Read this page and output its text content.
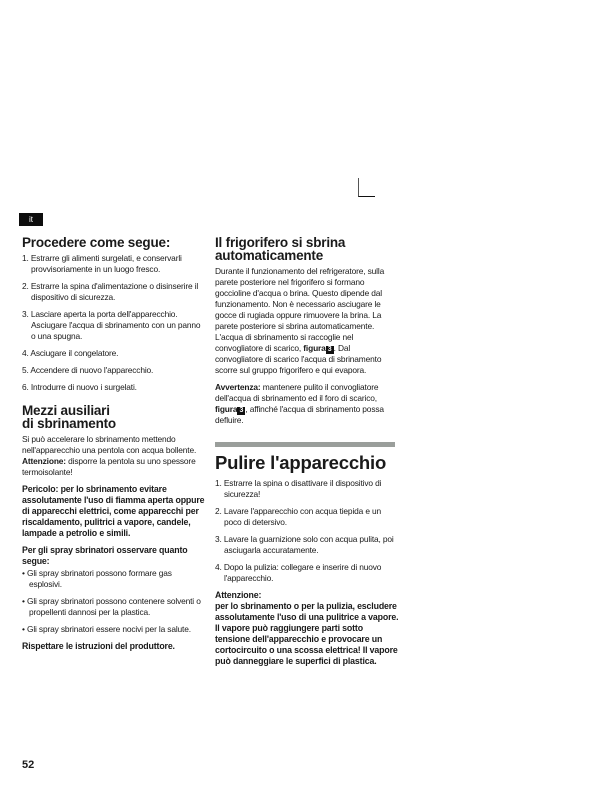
it
Procedere come segue:
1. Estrarre gli alimenti surgelati, e conservarli provvisoriamente in un luogo fresco.
2. Estrarre la spina d'alimentazione o disinserire il dispositivo di sicurezza.
3. Lasciare aperta la porta dell'apparecchio. Asciugare l'acqua di sbrinamento con un panno o una spugna.
4. Asciugare il congelatore.
5. Accendere di nuovo l'apparecchio.
6. Introdurre di nuovo i surgelati.
Mezzi ausiliari
di sbrinamento

Si può accelerare lo sbrinamento mettendo nell'apparecchio una pentola con acqua bollente. Attenzione: disporre la pentola su uno spessore termoisolante!

Pericolo: per lo sbrinamento evitare assolutamente l'uso di fiamma aperta oppure di apparecchi elettrici, come apparecchi per riscaldamento, pulitrici a vapore, candele, lampade a petrolio e simili.

Per gli spray sbrinatori osservare quanto segue:

• Gli spray sbrinatori possono formare gas esplosivi.
• Gli spray sbrinatori possono contenere solventi o propellenti dannosi per la plastica.
• Gli spray sbrinatori essere nocivi per la salute.

Rispettare le istruzioni del produttore.

Il frigorifero si sbrina
automaticamente

Durante il funzionamento del refrigeratore, sulla parete posteriore nel frigorifero si formano goccioline d'acqua o brina. Questo dipende dal funzionamento. Non è necessario asciugare le gocce di rugiada oppure rimuovere la brina. La parete posteriore si sbrina automaticamente. L'acqua di sbrinamento si raccoglie nel convogliatore di scarico, figura 3 . Dal convogliatore di scarico l'acqua di sbrinamento scorre sul gruppo frigorifero e qui evapora.

Avvertenza: mantenere pulito il convogliatore dell'acqua di sbrinamento ed il foro di scarico, figura 3 , affinché l'acqua di sbrinamento possa defluire.

Pulire l'apparecchio
1. Estrarre la spina o disattivare il dispositivo di sicurezza!
2. Lavare l'apparecchio con acqua tiepida e un poco di detersivo.
3. Lavare la guarnizione solo con acqua pulita, poi asciugarla accuratamente.
4. Dopo la pulizia: collegare e inserire di nuovo l'apparecchio.

Attenzione:

per lo sbrinamento o per la pulizia, escludere assolutamente l'uso di una pulitrice a vapore. Il vapore può raggiungere parti sotto tensione dell'apparecchio e provocare un cortocircuito o una scossa elettrica! Il vapore può danneggiare le superfici di plastica.

52
